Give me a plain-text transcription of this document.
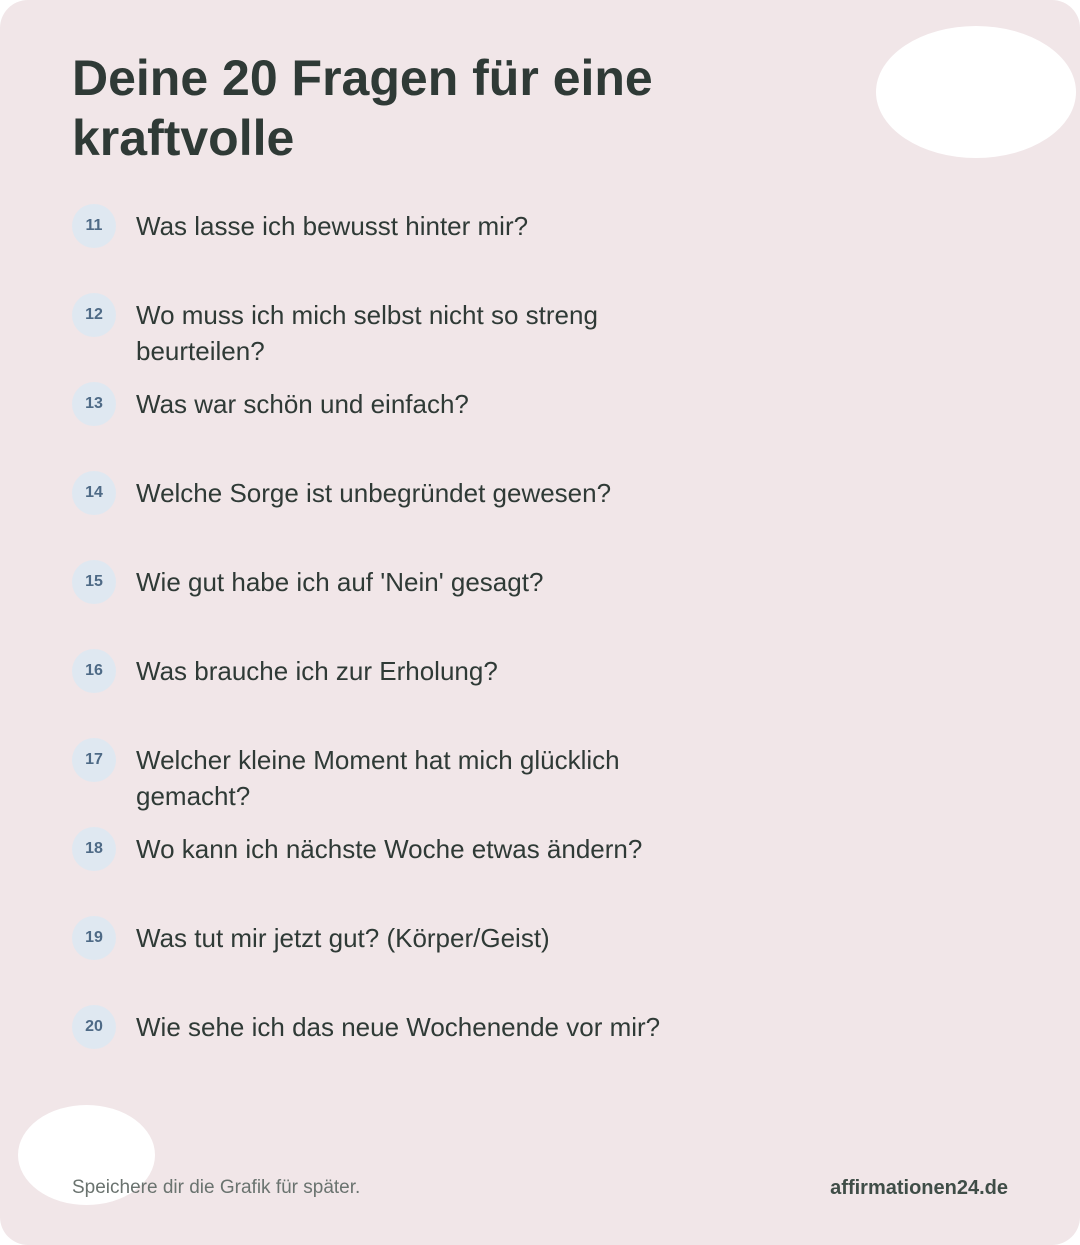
Deine 20 Fragen für eine kraftvolle
11	Was lasse ich bewusst hinter mir?
12	Wo muss ich mich selbst nicht so streng beurteilen?
13	Was war schön und einfach?
14	Welche Sorge ist unbegründet gewesen?
15	Wie gut habe ich auf 'Nein' gesagt?
16	Was brauche ich zur Erholung?
17	Welcher kleine Moment hat mich glücklich gemacht?
18	Wo kann ich nächste Woche etwas ändern?
19	Was tut mir jetzt gut? (Körper/Geist)
20	Wie sehe ich das neue Wochenende vor mir?
Speichere dir die Grafik für später.	affirmationen24.de
